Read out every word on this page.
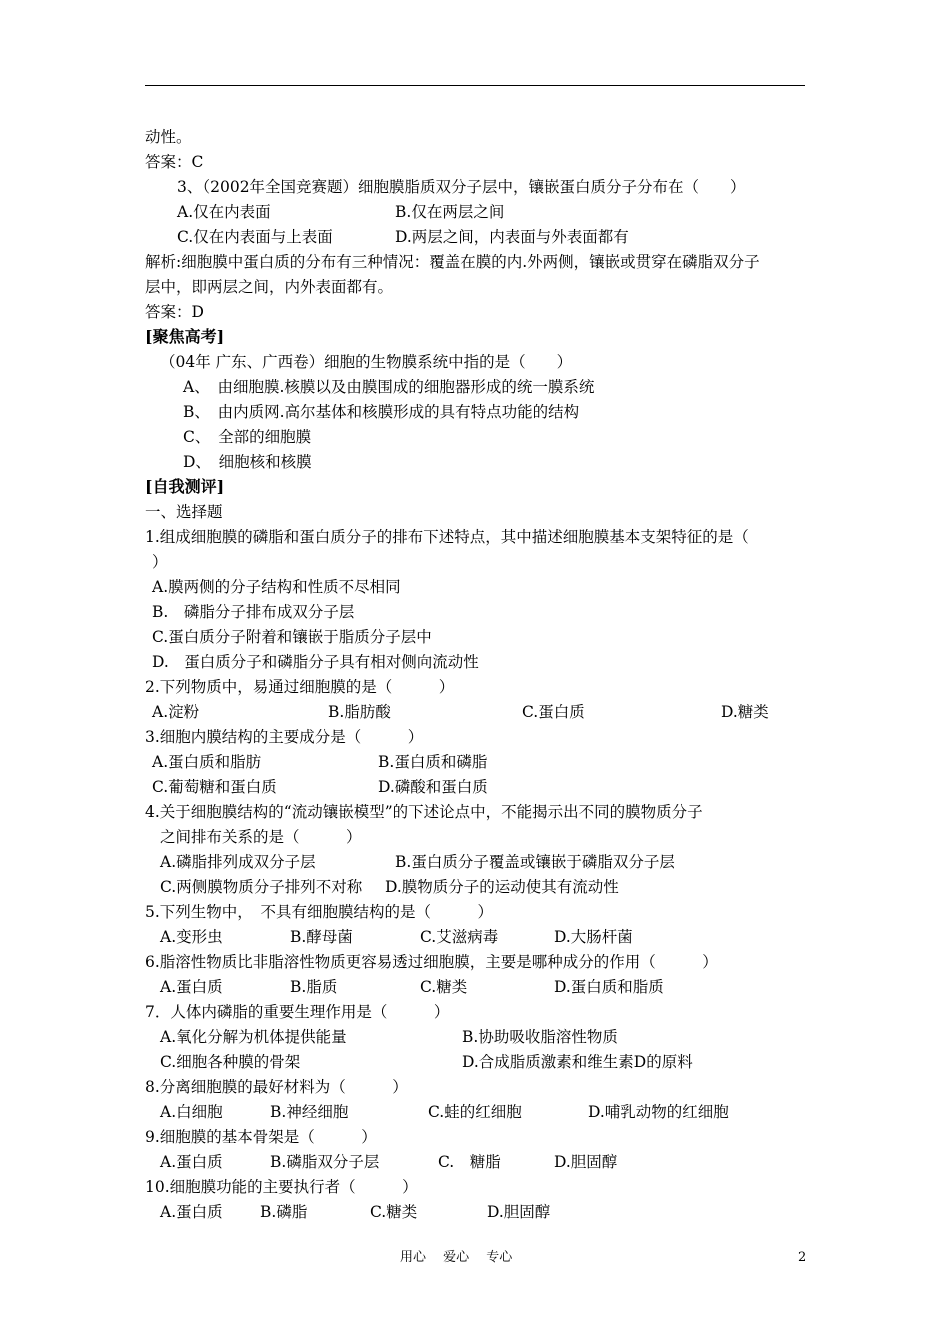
动性。
答案：C
3、（2002年全国竞赛题）细胞膜脂质双分子层中，镶嵌蛋白质分子分布在（　　）
A.仅在内表面	B.仅在两层之间
C.仅在内表面与上表面	D.两层之间，内表面与外表面都有
解析:细胞膜中蛋白质的分布有三种情况：覆盖在膜的内.外两侧，镶嵌或贯穿在磷脂双分子
层中，即两层之间，内外表面都有。
答案：D
[聚焦高考]
（04年 广东、广西卷）细胞的生物膜系统中指的是（　　）
A、　由细胞膜.核膜以及由膜围成的细胞器形成的统一膜系统
B、　由内质网.高尔基体和核膜形成的具有特点功能的结构
C、　全部的细胞膜
D、　细胞核和核膜
[自我测评]
一、选择题
1.组成细胞膜的磷脂和蛋白质分子的排布下述特点，其中描述细胞膜基本支架特征的是（
）
A.膜两侧的分子结构和性质不尽相同
B.　磷脂分子排布成双分子层
C.蛋白质分子附着和镶嵌于脂质分子层中
D.　蛋白质分子和磷脂分子具有相对侧向流动性
2.下列物质中，易通过细胞膜的是（　　　）
A.淀粉	B.脂肪酸	C.蛋白质	D.糖类
3.细胞内膜结构的主要成分是（　　　）
A.蛋白质和脂肪	B.蛋白质和磷脂
C.葡萄糖和蛋白质	D.磷酸和蛋白质
4.关于细胞膜结构的“流动镶嵌模型”的下述论点中，不能揭示出不同的膜物质分子
之间排布关系的是（　　　）
A.磷脂排列成双分子层	B.蛋白质分子覆盖或镶嵌于磷脂双分子层
C.两侧膜物质分子排列不对称 D.膜物质分子的运动使其有流动性
5.下列生物中，　不具有细胞膜结构的是（　　　）
A.变形虫	B.酵母菌	C.艾滋病毒	D.大肠杆菌
6.脂溶性物质比非脂溶性物质更容易透过细胞膜，主要是哪种成分的作用（　　　）
A.蛋白质	B.脂质	C.糖类	D.蛋白质和脂质
7．人体内磷脂的重要生理作用是（　　　）
A.氧化分解为机体提供能量	B.协助吸收脂溶性物质
C.细胞各种膜的骨架	D.合成脂质激素和维生素D的原料
8.分离细胞膜的最好材料为（　　　）
A.白细胞	B.神经细胞	C.蛙的红细胞	D.哺乳动物的红细胞
9.细胞膜的基本骨架是（　　　）
A.蛋白质	B.磷脂双分子层	C.　糖脂	D.胆固醇
10.细胞膜功能的主要执行者（　　　）
A.蛋白质 B.磷脂	C.糖类	D.胆固醇
用心　 爱心　 专心	2
